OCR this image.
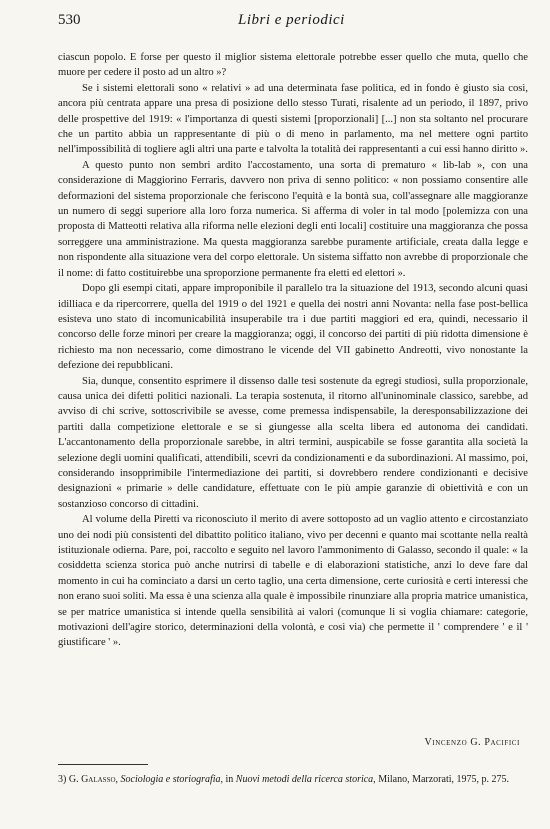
530	Libri e periodici

ciascun popolo. E forse per questo il miglior sistema elettorale potrebbe esser quello che muta, quello che muore per cedere il posto ad un altro »?

Se i sistemi elettorali sono « relativi » ad una determinata fase politica, ed in fondo è giusto sia così, ancora più centrata appare una presa di posizione dello stesso Turati, risalente ad un periodo, il 1897, privo delle prospettive del 1919: « l'importanza di questi sistemi [proporzionali] [...] non sta soltanto nel procurare che un partito abbia un rappresentante di più o di meno in parlamento, ma nel mettere ogni partito nell'impossibilità di togliere agli altri una parte e talvolta la totalità dei rappresentanti a cui essi hanno diritto ».

A questo punto non sembri ardito l'accostamento, una sorta di prematuro « lib-lab », con una considerazione di Maggiorino Ferraris, davvero non priva di senno politico: « non possiamo consentire alle deformazioni del sistema proporzionale che feriscono l'equità e la bontà sua, coll'assegnare alle maggioranze un numero di seggi superiore alla loro forza numerica. Si afferma di voler in tal modo [polemizza con una proposta di Matteotti relativa alla riforma nelle elezioni degli enti locali] costituire una maggioranza che possa sorreggere una amministrazione. Ma questa maggioranza sarebbe puramente artificiale, creata dalla legge e non rispondente alla situazione vera del corpo elettorale. Un sistema siffatto non avrebbe di proporzionale che il nome: di fatto costituirebbe una sproporzione permanente fra eletti ed elettori ».

Dopo gli esempi citati, appare improponibile il parallelo tra la situazione del 1913, secondo alcuni quasi idilliaca e da ripercorrere, quella del 1919 o del 1921 e quella dei nostri anni Novanta: nella fase post-bellica esisteva uno stato di incomunicabilità insuperabile tra i due partiti maggiori ed era, quindi, necessario il concorso delle forze minori per creare la maggioranza; oggi, il concorso dei partiti di più ridotta dimensione è richiesto ma non necessario, come dimostrano le vicende del VII gabinetto Andreotti, vivo nonostante la defezione dei repubblicani.

Sia, dunque, consentito esprimere il dissenso dalle tesi sostenute da egregi studiosi, sulla proporzionale, causa unica dei difetti politici nazionali. La terapia sostenuta, il ritorno all'uninominale classico, sarebbe, ad avviso di chi scrive, sottoscrivibile se avesse, come premessa indispensabile, la deresponsabilizzazione dei partiti dalla competizione elettorale e se si giungesse alla scelta libera ed autonoma dei candidati. L'accantonamento della proporzionale sarebbe, in altri termini, auspicabile se fosse garantita alla società la selezione degli uomini qualificati, attendibili, scevri da condizionamenti e da subordinazioni. Al massimo, poi, considerando insopprimibile l'intermediazione dei partiti, si dovrebbero rendere condizionanti e decisive designazioni « primarie » delle candidature, effettuate con le più ampie garanzie di obiettività e con un sostanzioso concorso di cittadini.

Al volume della Piretti va riconosciuto il merito di avere sottoposto ad un vaglio attento e circostanziato uno dei nodi più consistenti del dibattito politico italiano, vivo per decenni e quanto mai scottante nella realtà istituzionale odierna. Pare, poi, raccolto e seguito nel lavoro l'ammonimento di Galasso, secondo il quale: « la cosiddetta scienza storica può anche nutrirsi di tabelle e di elaborazioni statistiche, anzi lo deve fare dal momento in cui ha cominciato a darsi un certo taglio, una certa dimensione, certe curiosità e certi interessi che non erano suoi soliti. Ma essa è una scienza alla quale è impossibile rinunziare alla propria matrice umanistica, se per matrice umanistica si intende quella sensibilità ai valori (comunque li si voglia chiamare: categorie, motivazioni dell'agire storico, determinazioni della volontà, e così via) che permette il ' comprendere ' e il ' giustificare ' ».

Vincenzo G. Pacifici
3) G. Galasso, Sociologia e storiografia, in Nuovi metodi della ricerca storica, Milano, Marzorati, 1975, p. 275.
